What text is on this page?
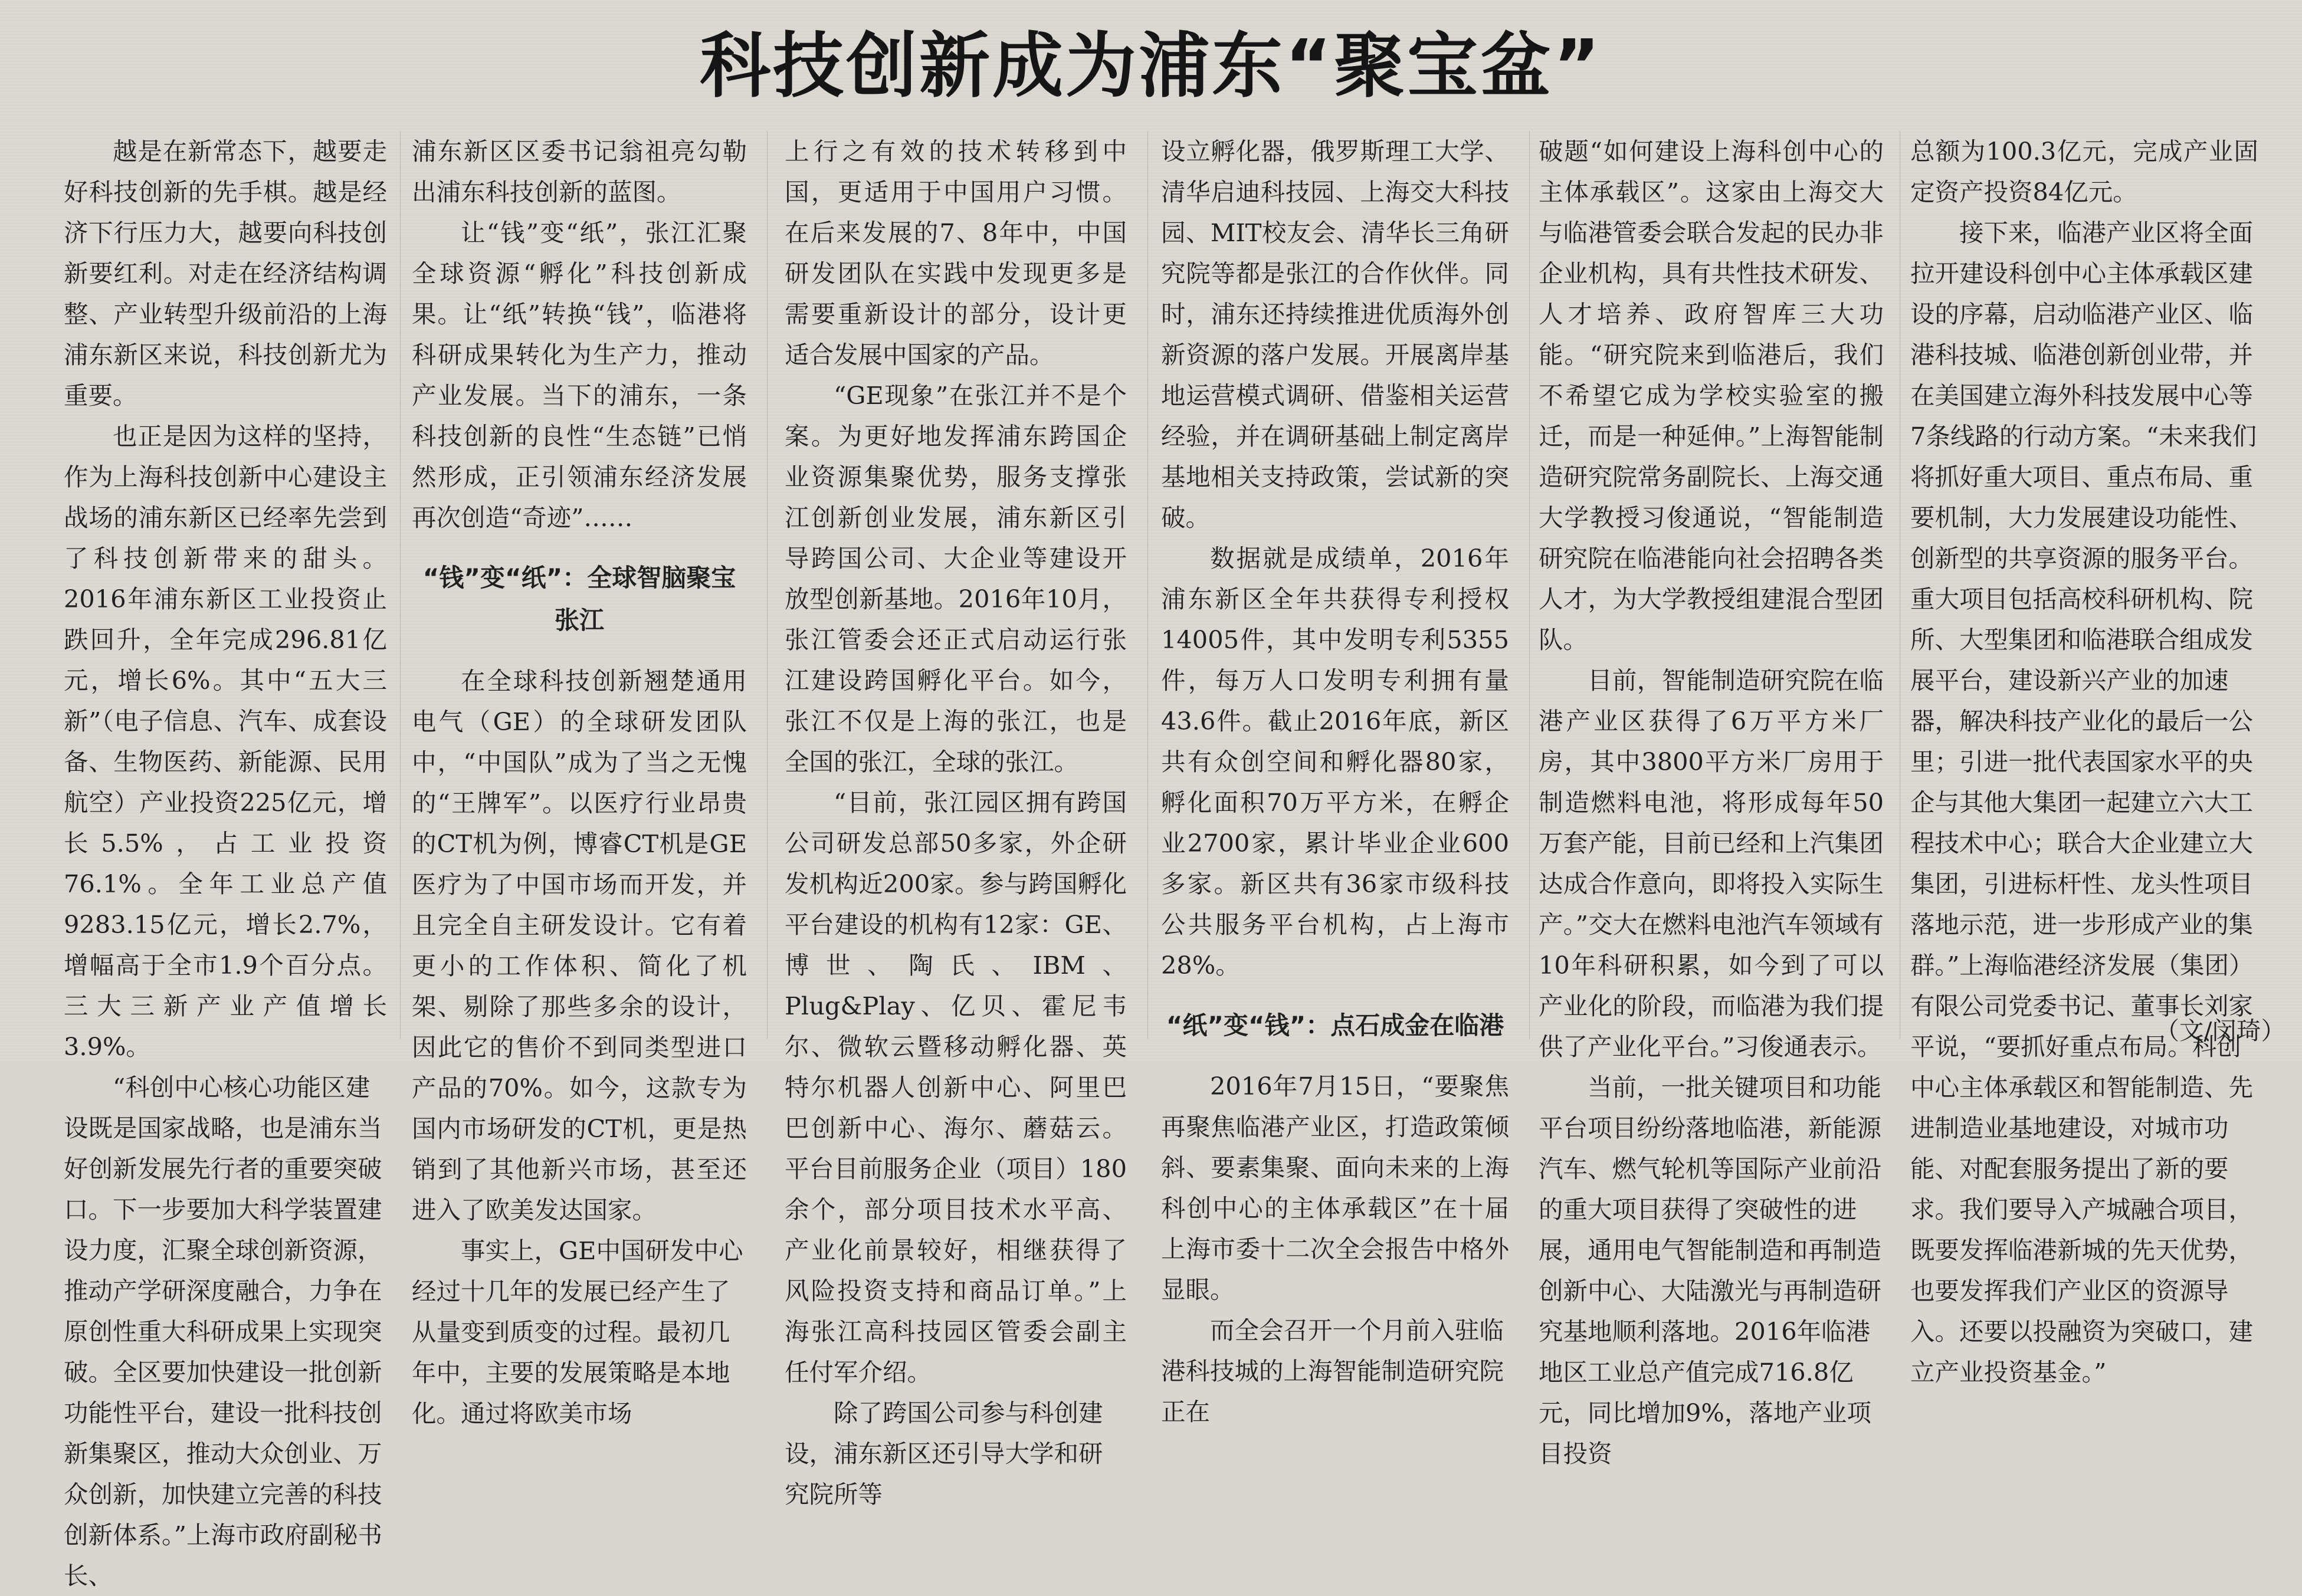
科技创新成为浦东“聚宝盆”

越是在新常态下，越要走好科技创新的先手棋。越是经济下行压力大，越要向科技创新要红利。对走在经济结构调整、产业转型升级前沿的上海浦东新区来说，科技创新尤为重要。

也正是因为这样的坚持，作为上海科技创新中心建设主战场的浦东新区已经率先尝到了科技创新带来的甜头。2016年浦东新区工业投资止跌回升，全年完成296.81亿元，增长6%。其中“五大三新”（电子信息、汽车、成套设备、生物医药、新能源、民用航空）产业投资225亿元，增长5.5%，占工业投资76.1%。全年工业总产值9283.15亿元，增长2.7%，增幅高于全市1.9个百分点。三大三新产业产值增长3.9%。

“科创中心核心功能区建设既是国家战略，也是浦东当好创新发展先行者的重要突破口。下一步要加大科学装置建设力度，汇聚全球创新资源，推动产学研深度融合，力争在原创性重大科研成果上实现突破。全区要加快建设一批创新功能性平台，建设一批科技创新集聚区，推动大众创业、万众创新，加快建立完善的科技创新体系。”上海市政府副秘书长、

浦东新区区委书记翁祖亮勾勒出浦东科技创新的蓝图。

让“钱”变“纸”，张江汇聚全球资源“孵化”科技创新成果。让“纸”转换“钱”，临港将科研成果转化为生产力，推动产业发展。当下的浦东，一条科技创新的良性“生态链”已悄然形成，正引领浦东经济发展再次创造“奇迹”……

“钱”变“纸”：全球智脑聚宝张江

在全球科技创新翘楚通用电气（GE）的全球研发团队中，“中国队”成为了当之无愧的“王牌军”。以医疗行业昂贵的CT机为例，博睿CT机是GE医疗为了中国市场而开发，并且完全自主研发设计。它有着更小的工作体积、简化了机架、剔除了那些多余的设计，因此它的售价不到同类型进口产品的70%。如今，这款专为国内市场研发的CT机，更是热销到了其他新兴市场，甚至还进入了欧美发达国家。

事实上，GE中国研发中心经过十几年的发展已经产生了从量变到质变的过程。最初几年中，主要的发展策略是本地化。通过将欧美市场

上行之有效的技术转移到中国，更适用于中国用户习惯。在后来发展的7、8年中，中国研发团队在实践中发现更多是需要重新设计的部分，设计更适合发展中国家的产品。

“GE现象”在张江并不是个案。为更好地发挥浦东跨国企业资源集聚优势，服务支撑张江创新创业发展，浦东新区引导跨国公司、大企业等建设开放型创新基地。2016年10月，张江管委会还正式启动运行张江建设跨国孵化平台。如今，张江不仅是上海的张江，也是全国的张江，全球的张江。

“目前，张江园区拥有跨国公司研发总部50多家，外企研发机构近200家。参与跨国孵化平台建设的机构有12家：GE、博世、陶氏、IBM、Plug&Play、亿贝、霍尼韦尔、微软云暨移动孵化器、英特尔机器人创新中心、阿里巴巴创新中心、海尔、蘑菇云。平台目前服务企业（项目）180余个，部分项目技术水平高、产业化前景较好，相继获得了风险投资支持和商品订单。”上海张江高科技园区管委会副主任付军介绍。

除了跨国公司参与科创建设，浦东新区还引导大学和研究院所等

设立孵化器，俄罗斯理工大学、清华启迪科技园、上海交大科技园、MIT校友会、清华长三角研究院等都是张江的合作伙伴。同时，浦东还持续推进优质海外创新资源的落户发展。开展离岸基地运营模式调研、借鉴相关运营经验，并在调研基础上制定离岸基地相关支持政策，尝试新的突破。

数据就是成绩单，2016年浦东新区全年共获得专利授权14005件，其中发明专利5355件，每万人口发明专利拥有量43.6件。截止2016年底，新区共有众创空间和孵化器80家，孵化面积70万平方米，在孵企业2700家，累计毕业企业600多家。新区共有36家市级科技公共服务平台机构，占上海市28%。

“纸”变“钱”：点石成金在临港

2016年7月15日，“要聚焦再聚焦临港产业区，打造政策倾斜、要素集聚、面向未来的上海科创中心的主体承载区”在十届上海市委十二次全会报告中格外显眼。

而全会召开一个月前入驻临港科技城的上海智能制造研究院正在

破题“如何建设上海科创中心的主体承载区”。这家由上海交大与临港管委会联合发起的民办非企业机构，具有共性技术研发、人才培养、政府智库三大功能。“研究院来到临港后，我们不希望它成为学校实验室的搬迁，而是一种延伸。”上海智能制造研究院常务副院长、上海交通大学教授习俊通说，“智能制造研究院在临港能向社会招聘各类人才，为大学教授组建混合型团队。

目前，智能制造研究院在临港产业区获得了6万平方米厂房，其中3800平方米厂房用于制造燃料电池，将形成每年50万套产能，目前已经和上汽集团达成合作意向，即将投入实际生产。”交大在燃料电池汽车领域有10年科研积累，如今到了可以产业化的阶段，而临港为我们提供了产业化平台。”习俊通表示。

当前，一批关键项目和功能平台项目纷纷落地临港，新能源汽车、燃气轮机等国际产业前沿的重大项目获得了突破性的进展，通用电气智能制造和再制造创新中心、大陆激光与再制造研究基地顺利落地。2016年临港地区工业总产值完成716.8亿元，同比增加9%，落地产业项目投资

总额为100.3亿元，完成产业固定资产投资84亿元。

接下来，临港产业区将全面拉开建设科创中心主体承载区建设的序幕，启动临港产业区、临港科技城、临港创新创业带，并在美国建立海外科技发展中心等7条线路的行动方案。“未来我们将抓好重大项目、重点布局、重要机制，大力发展建设功能性、创新型的共享资源的服务平台。重大项目包括高校科研机构、院所、大型集团和临港联合组成发展平台，建设新兴产业的加速器，解决科技产业化的最后一公里；引进一批代表国家水平的央企与其他大集团一起建立六大工程技术中心；联合大企业建立大集团，引进标杆性、龙头性项目落地示范，进一步形成产业的集群。”上海临港经济发展（集团）有限公司党委书记、董事长刘家平说，“要抓好重点布局。科创中心主体承载区和智能制造、先进制造业基地建设，对城市功能、对配套服务提出了新的要求。我们要导入产城融合项目，既要发挥临港新城的先天优势，也要发挥我们产业区的资源导入。还要以投融资为突破口，建立产业投资基金。”

（文/闵琦）
